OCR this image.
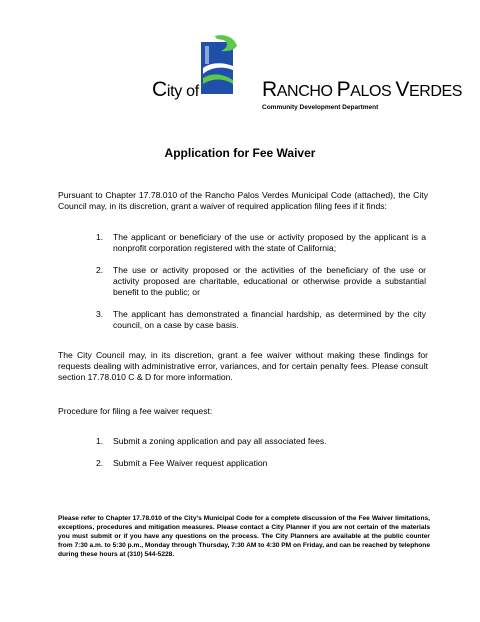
City of	RANCHO PALOS VERDES
Community Development Department
Application for Fee Waiver
Pursuant to Chapter 17.78.010 of the Rancho Palos Verdes Municipal Code (attached), the City Council may, in its discretion, grant a waiver of required application filing fees if it finds:
1. The applicant or beneficiary of the use or activity proposed by the applicant is a nonprofit corporation registered with the state of California;
2. The use or activity proposed or the activities of the beneficiary of the use or activity proposed are charitable, educational or otherwise provide a substantial benefit to the public; or
3. The applicant has demonstrated a financial hardship, as determined by the city council, on a case by case basis.
The City Council may, in its discretion, grant a fee waiver without making these findings for requests dealing with administrative error, variances, and for certain penalty fees. Please consult section 17.78.010 C & D for more information.
Procedure for filing a fee waiver request:
1. Submit a zoning application and pay all associated fees.
2. Submit a Fee Waiver request application
Please refer to Chapter 17.78.010 of the City's Municipal Code for a complete discussion of the Fee Waiver limitations, exceptions, procedures and mitigation measures. Please contact a City Planner if you are not certain of the materials you must submit or if you have any questions on the process. The City Planners are available at the public counter from 7:30 a.m. to 5:30 p.m., Monday through Thursday, 7:30 AM to 4:30 PM on Friday, and can be reached by telephone during these hours at (310) 544-5228.
